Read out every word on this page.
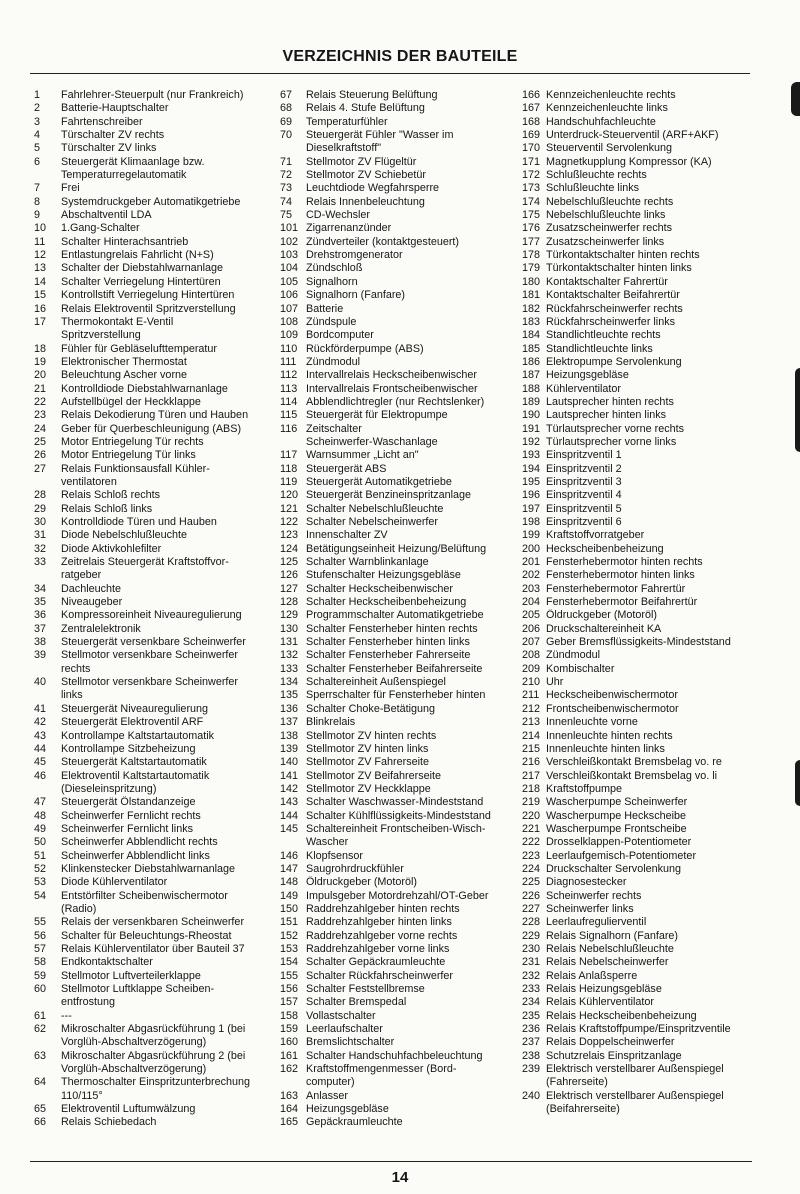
VERZEICHNIS DER BAUTEILE
1	Fahrlehrer-Steuerpult (nur Frankreich)
2	Batterie-Hauptschalter
3	Fahrtenschreiber
4	Türschalter ZV rechts
5	Türschalter ZV links
6	Steuergerät Klimaanlage bzw.
Temperaturregelautomatik
7	Frei
8	Systemdruckgeber Automatikgetriebe
9	Abschaltventil LDA
10	1.Gang-Schalter
11	Schalter Hinterachsantrieb
12	Entlastungrelais Fahrlicht (N+S)
13	Schalter der Diebstahlwarnanlage
14	Schalter Verriegelung Hintertüren
15	Kontrollstift Verriegelung Hintertüren
16	Relais Elektroventil Spritzverstellung
17	Thermokontakt E-Ventil
Spritzverstellung
18	Fühler für Gebläselufttemperatur
19	Elektronischer Thermostat
20	Beleuchtung Ascher vorne
21	Kontrolldiode Diebstahlwarnanlage
22	Aufstellbügel der Heckklappe
23	Relais Dekodierung Türen und Hauben
24	Geber für Querbeschleunigung (ABS)
25	Motor Entriegelung Tür rechts
26	Motor Entriegelung Tür links
27	Relais Funktionsausfall Kühler-
ventilatoren
28	Relais Schloß rechts
29	Relais Schloß links
30	Kontrolldiode Türen und Hauben
31	Diode Nebelschlußleuchte
32	Diode Aktivkohlefilter
33	Zeitrelais Steuergerät Kraftstoffvor-
ratgeber
34	Dachleuchte
35	Niveaugeber
36	Kompressoreinheit Niveauregulierung
37	Zentralelektronik
38	Steuergerät versenkbare Scheinwerfer
39	Stellmotor versenkbare Scheinwerfer
rechts
40	Stellmotor versenkbare Scheinwerfer
links
41	Steuergerät Niveauregulierung
42	Steuergerät Elektroventil ARF
43	Kontrollampe Kaltstartautomatik
44	Kontrollampe Sitzbeheizung
45	Steuergerät Kaltstartautomatik
46	Elektroventil Kaltstartautomatik
(Dieseleinspritzung)
47	Steuergerät Ölstandanzeige
48	Scheinwerfer Fernlicht rechts
49	Scheinwerfer Fernlicht links
50	Scheinwerfer Abblendlicht rechts
51	Scheinwerfer Abblendlicht links
52	Klinkenstecker Diebstahlwarnanlage
53	Diode Kühlerventilator
54	Entstörfilter Scheibenwischermotor
(Radio)
55	Relais der versenkbaren Scheinwerfer
56	Schalter für Beleuchtungs-Rheostat
57	Relais Kühlerventilator über Bauteil 37
58	Endkontaktschalter
59	Stellmotor Luftverteilerklappe
60	Stellmotor Luftklappe Scheiben-
entfrostung
61	---
62	Mikroschalter Abgasrückführung 1 (bei
Vorglüh-Abschaltverzögerung)
63	Mikroschalter Abgasrückführung 2 (bei
Vorglüh-Abschaltverzögerung)
64	Thermoschalter Einspritzunterbrechung
110/115°
65	Elektroventil Luftumwälzung
66	Relais Schiebedach
67	Relais Steuerung Belüftung
68	Relais 4. Stufe Belüftung
69	Temperaturfühler
70	Steuergerät Fühler "Wasser im
Dieselkraftstoff"
71	Stellmotor ZV Flügeltür
72	Stellmotor ZV Schiebetür
73	Leuchtdiode Wegfahrsperre
74	Relais Innenbeleuchtung
75	CD-Wechsler
101 Zigarrenanzünder
102 Zündverteiler (kontaktgesteuert)
103 Drehstromgenerator
104 Zündschloß
105 Signalhorn
106 Signalhorn (Fanfare)
107 Batterie
108 Zündspule
109 Bordcomputer
110 Rückförderpumpe (ABS)
111 Zündmodul
112 Intervallrelais Heckscheibenwischer
113 Intervallrelais Frontscheibenwischer
114 Abblendlichtregler (nur Rechtslenker)
115 Steuergerät für Elektropumpe
116 Zeitschalter
Scheinwerfer-Waschanlage
117 Warnsummer „Licht an"
118 Steuergerät ABS
119 Steuergerät Automatikgetriebe
120 Steuergerät Benzineinspritzanlage
121 Schalter Nebelschlußleuchte
122 Schalter Nebelscheinwerfer
123 Innenschalter ZV
124 Betätigungseinheit Heizung/Belüftung
125 Schalter Warnblinkanlage
126 Stufenschalter Heizungsgebläse
127 Schalter Heckscheibenwischer
128 Schalter Heckscheibenbeheizung
129 Programmschalter Automatikgetriebe
130 Schalter Fensterheber hinten rechts
131 Schalter Fensterheber hinten links
132 Schalter Fensterheber Fahrerseite
133 Schalter Fensterheber Beifahrerseite
134 Schaltereinheit Außenspiegel
135 Sperrschalter für Fensterheber hinten
136 Schalter Choke-Betätigung
137 Blinkrelais
138 Stellmotor ZV hinten rechts
139 Stellmotor ZV hinten links
140 Stellmotor ZV Fahrerseite
141 Stellmotor ZV Beifahrerseite
142 Stellmotor ZV Heckklappe
143 Schalter Waschwasser-Mindeststand
144 Schalter Kühlflüssigkeits-Mindeststand
145 Schaltereinheit Frontscheiben-Wisch-
Wascher
146 Klopfsensor
147 Saugrohrdruckfühler
148 Öldruckgeber (Motoröl)
149 Impulsgeber Motordrehzahl/OT-Geber
150 Raddrehzahlgeber hinten rechts
151 Raddrehzahlgeber hinten links
152 Raddrehzahlgeber vorne rechts
153 Raddrehzahlgeber vorne links
154 Schalter Gepäckraumleuchte
155 Schalter Rückfahrscheinwerfer
156 Schalter Feststellbremse
157 Schalter Bremspedal
158 Vollastschalter
159 Leerlaufschalter
160 Bremslichtschalter
161 Schalter Handschuhfachbeleuchtung
162 Kraftstoffmengenmesser (Bord-
computer)
163 Anlasser
164 Heizungsgebläse
165 Gepäckraumleuchte
166 Kennzeichenleuchte rechts
167 Kennzeichenleuchte links
168 Handschuhfachleuchte
169 Unterdruck-Steuerventil (ARF+AKF)
170 Steuerventil Servolenkung
171 Magnetkupplung Kompressor (KA)
172 Schlußleuchte rechts
173 Schlußleuchte links
174 Nebelschlußleuchte rechts
175 Nebelschlußleuchte links
176 Zusatzscheinwerfer rechts
177 Zusatzscheinwerfer links
178 Türkontaktschalter hinten rechts
179 Türkontaktschalter hinten links
180 Kontaktschalter Fahrertür
181 Kontaktschalter Beifahrertür
182 Rückfahrscheinwerfer rechts
183 Rückfahrscheinwerfer links
184 Standlichtleuchte rechts
185 Standlichtleuchte links
186 Elektropumpe Servolenkung
187 Heizungsgebläse
188 Kühlerventilator
189 Lautsprecher hinten rechts
190 Lautsprecher hinten links
191 Türlautsprecher vorne rechts
192 Türlautsprecher vorne links
193 Einspritzventil 1
194 Einspritzventil 2
195 Einspritzventil 3
196 Einspritzventil 4
197 Einspritzventil 5
198 Einspritzventil 6
199 Kraftstoffvorratgeber
200 Heckscheibenbeheizung
201 Fensterhebermotor hinten rechts
202 Fensterhebermotor hinten links
203 Fensterhebermotor Fahrertür
204 Fensterhebermotor Beifahrertür
205 Öldruckgeber (Motoröl)
206 Druckschaltereinheit KA
207 Geber Bremsflüssigkeits-Mindeststand
208 Zündmodul
209 Kombischalter
210 Uhr
211 Heckscheibenwischermotor
212 Frontscheibenwischermotor
213 Innenleuchte vorne
214 Innenleuchte hinten rechts
215 Innenleuchte hinten links
216 Verschleißkontakt Bremsbelag vo. re
217 Verschleißkontakt Bremsbelag vo. li
218 Kraftstoffpumpe
219 Wascherpumpe Scheinwerfer
220 Wascherpumpe Heckscheibe
221 Wascherpumpe Frontscheibe
222 Drosselklappen-Potentiometer
223 Leerlaufgemisch-Potentiometer
224 Druckschalter Servolenkung
225 Diagnosestecker
226 Scheinwerfer rechts
227 Scheinwerfer links
228 Leerlaufregulierventil
229 Relais Signalhorn (Fanfare)
230 Relais Nebelschlußleuchte
231 Relais Nebelscheinwerfer
232 Relais Anlaßsperre
233 Relais Heizungsgebläse
234 Relais Kühlerventilator
235 Relais Heckscheibenbeheizung
236 Relais Kraftstoffpumpe/Einspritzventile
237 Relais Doppelscheinwerfer
238 Schutzrelais Einspritzanlage
239 Elektrisch verstellbarer Außenspiegel
(Fahrerseite)
240 Elektrisch verstellbarer Außenspiegel
(Beifahrerseite)
14
